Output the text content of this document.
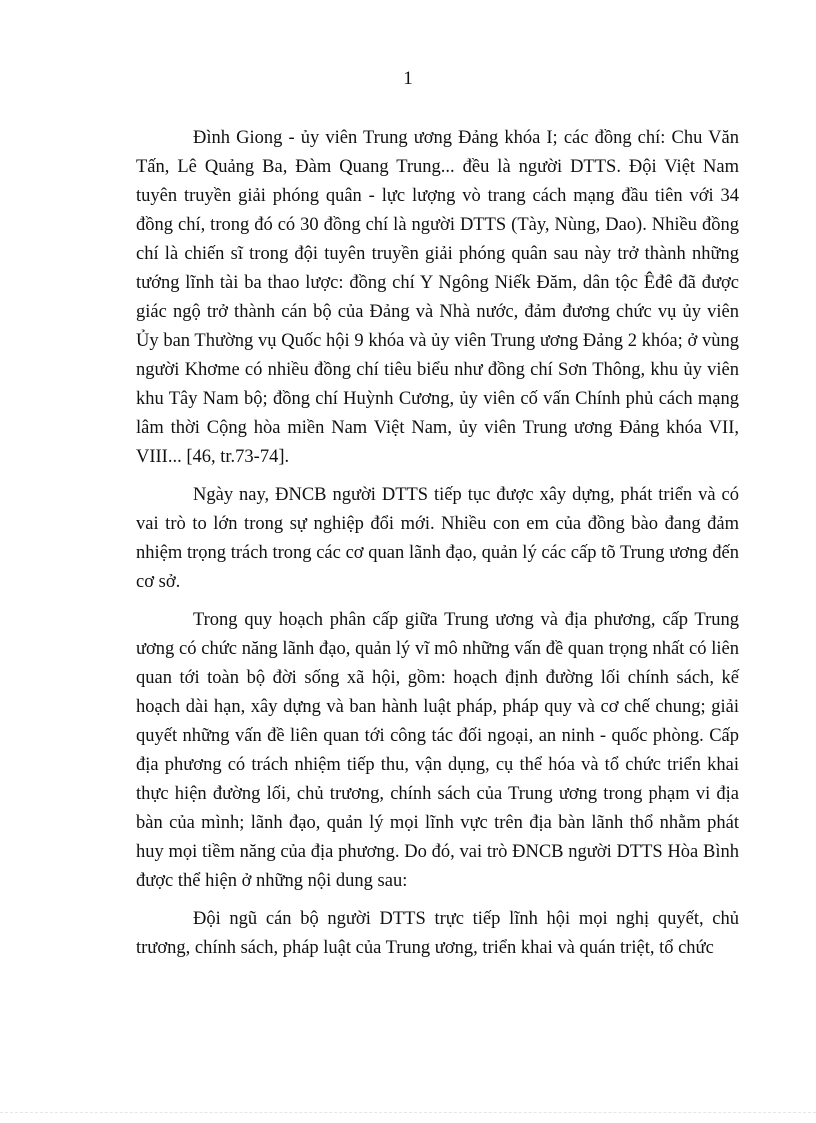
1

Đình Giong - ủy viên Trung ương Đảng khóa I; các đồng chí: Chu Văn Tấn, Lê Quảng Ba, Đàm Quang Trung... đều là người DTTS. Đội Việt Nam tuyên truyền giải phóng quân - lực lượng vò trang cách mạng đầu tiên với 34 đồng chí, trong đó có 30 đồng chí là người DTTS (Tày, Nùng, Dao). Nhiều đồng chí là chiến sĩ trong đội tuyên truyền giải phóng quân sau này trở thành những tướng lĩnh tài ba thao lược: đồng chí Y Ngông Niếk Đăm, dân tộc Êđê đã được giác ngộ trở thành cán bộ của Đảng và Nhà nước, đảm đương chức vụ ủy viên Ủy ban Thường vụ Quốc hội 9 khóa và ủy viên Trung ương Đảng 2 khóa; ở vùng người Khơme có nhiều đồng chí tiêu biểu như đồng chí Sơn Thông, khu ủy viên khu Tây Nam bộ; đồng chí Huỳnh Cương, ủy viên cố vấn Chính phủ cách mạng lâm thời Cộng hòa miền Nam Việt Nam, ủy viên Trung ương Đảng khóa VII, VIII... [46, tr.73-74].

Ngày nay, ĐNCB người DTTS tiếp tục được xây dựng, phát triển và có vai trò to lớn trong sự nghiệp đổi mới. Nhiều con em của đồng bào đang đảm nhiệm trọng trách trong các cơ quan lãnh đạo, quản lý các cấp tõ Trung ương đến cơ sở.

Trong quy hoạch phân cấp giữa Trung ương và địa phương, cấp Trung ương có chức năng lãnh đạo, quản lý vĩ mô những vấn đề quan trọng nhất có liên quan tới toàn bộ đời sống xã hội, gồm: hoạch định đường lối chính sách, kế hoạch dài hạn, xây dựng và ban hành luật pháp, pháp quy và cơ chế chung; giải quyết những vấn đề liên quan tới công tác đối ngoại, an ninh - quốc phòng. Cấp địa phương có trách nhiệm tiếp thu, vận dụng, cụ thể hóa và tổ chức triển khai thực hiện đường lối, chủ trương, chính sách của Trung ương trong phạm vi địa bàn của mình; lãnh đạo, quản lý mọi lĩnh vực trên địa bàn lãnh thổ nhằm phát huy mọi tiềm năng của địa phương. Do đó, vai trò ĐNCB người DTTS Hòa Bình được thể hiện ở những nội dung sau:

Đội ngũ cán bộ người DTTS trực tiếp lĩnh hội mọi nghị quyết, chủ trương, chính sách, pháp luật của Trung ương, triển khai và quán triệt, tổ chức
